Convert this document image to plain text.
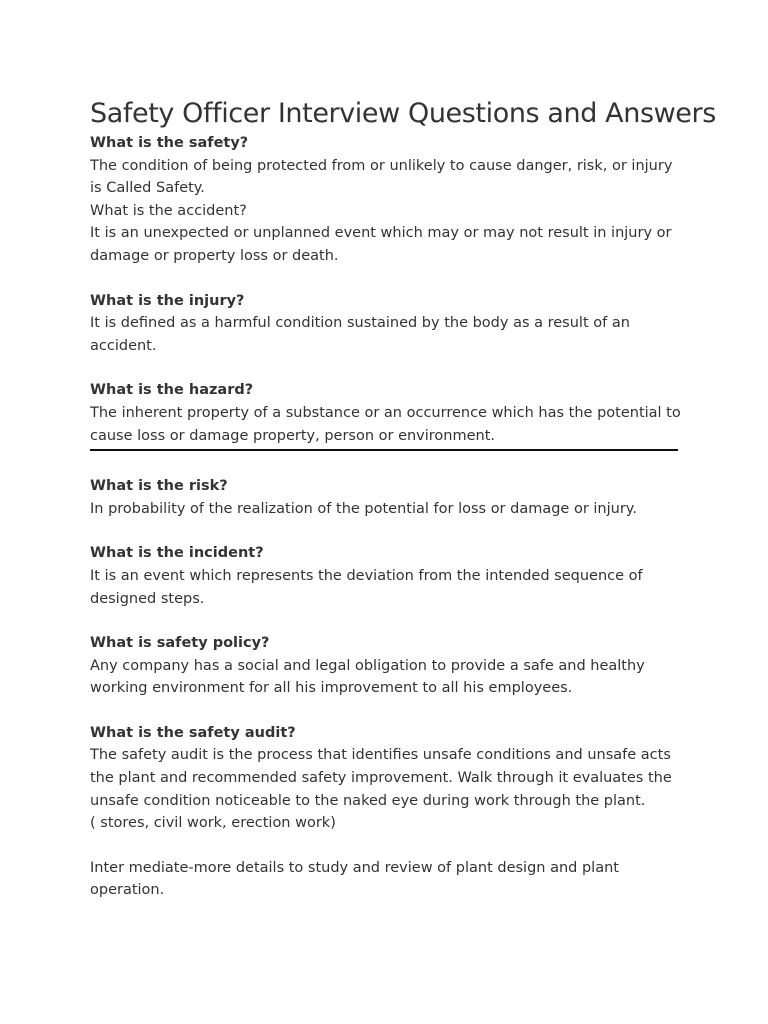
Safety Officer Interview Questions and Answers

What is the safety?

The condition of being protected from or unlikely to cause danger, risk, or injury

is Called Safety.

What is the accident?

It is an unexpected or unplanned event which may or may not result in injury or

damage or property loss or death.

What is the injury?

It is defined as a harmful condition sustained by the body as a result of an

accident.

What is the hazard?

The inherent property of a substance or an occurrence which has the potential to

cause loss or damage property, person or environment.

What is the risk?

In probability of the realization of the potential for loss or damage or injury.

What is the incident?

It is an event which represents the deviation from the intended sequence of

designed steps.

What is safety policy?

Any company has a social and legal obligation to provide a safe and healthy

working environment for all his improvement to all his employees.

What is the safety audit?

The safety audit is the process that identifies unsafe conditions and unsafe acts

the plant and recommended safety improvement. Walk through it evaluates the

unsafe condition noticeable to the naked eye during work through the plant.

( stores, civil work, erection work)

Inter mediate-more details to study and review of plant design and plant

operation.
